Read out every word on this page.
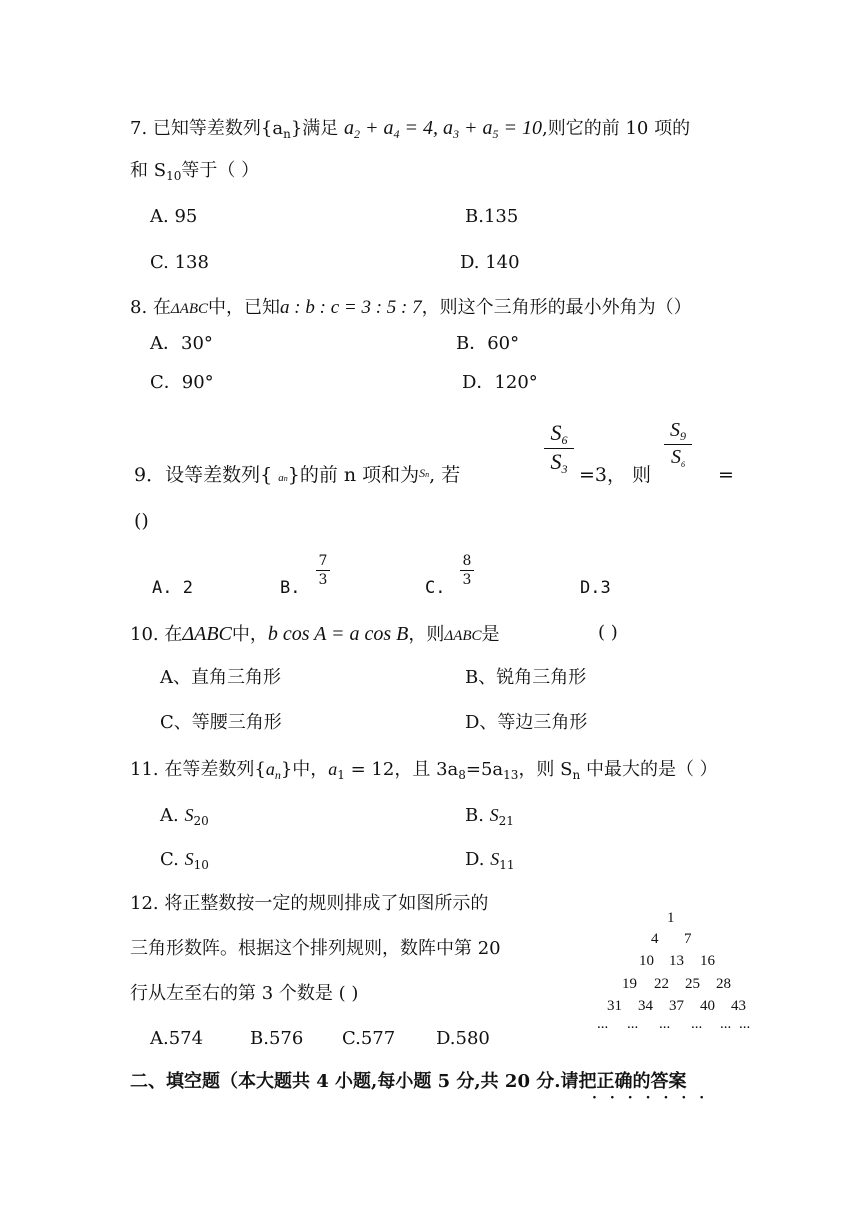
7. 已知等差数列$\{a_n\}$满足 $a_2 + a_4 = 4$, $a_3 + a_5 = 10$,则它的前 10 项的
和 $S_{10}$等于（ ）
A. 95	B.135
C. 138	D. 140
8. 在ΔABC中，已知a : b : c = 3 : 5 : 7，则这个三角形的最小外角为（）
A．30°	B．60°
C．90°	D．120°
9．设等差数列{ an}的前 n 项和为$^{Sn}$, 若
$S_6$
$S_3 =3$， 则
$S_9$
$S_6$	=
()
A. 2	B.
7
3	C.
8
3	D.3
10. 在ΔABC中，b cos A = a cos B，则ΔABC是	( )
A、直角三角形	B、锐角三角形
C、等腰三角形	D、等边三角形
11. 在等差数列$\{a_n\}$中，$a_1 = 12$，且 $3a_8=5a_{13}$，则 $S_n$ 中最大的是（ ）
A. $S_{20}$	B. $S_{21}$
C. $S_{10}$	D. $S_{11}$
12. 将正整数按一定的规则排成了如图所示的
三角形数阵。根据这个排列规则，数阵中第 20
行从左至右的第 3 个数是 ( )
A.574	B.576 C.577 D.580
1
4 7
10 13 16
19 22 25 28
31 34 37 40 43
... ... ... ... ... ...
二、填空题（本大题共 4 小题,每小题 5 分,共 20 分.请把正确的答案
·······
